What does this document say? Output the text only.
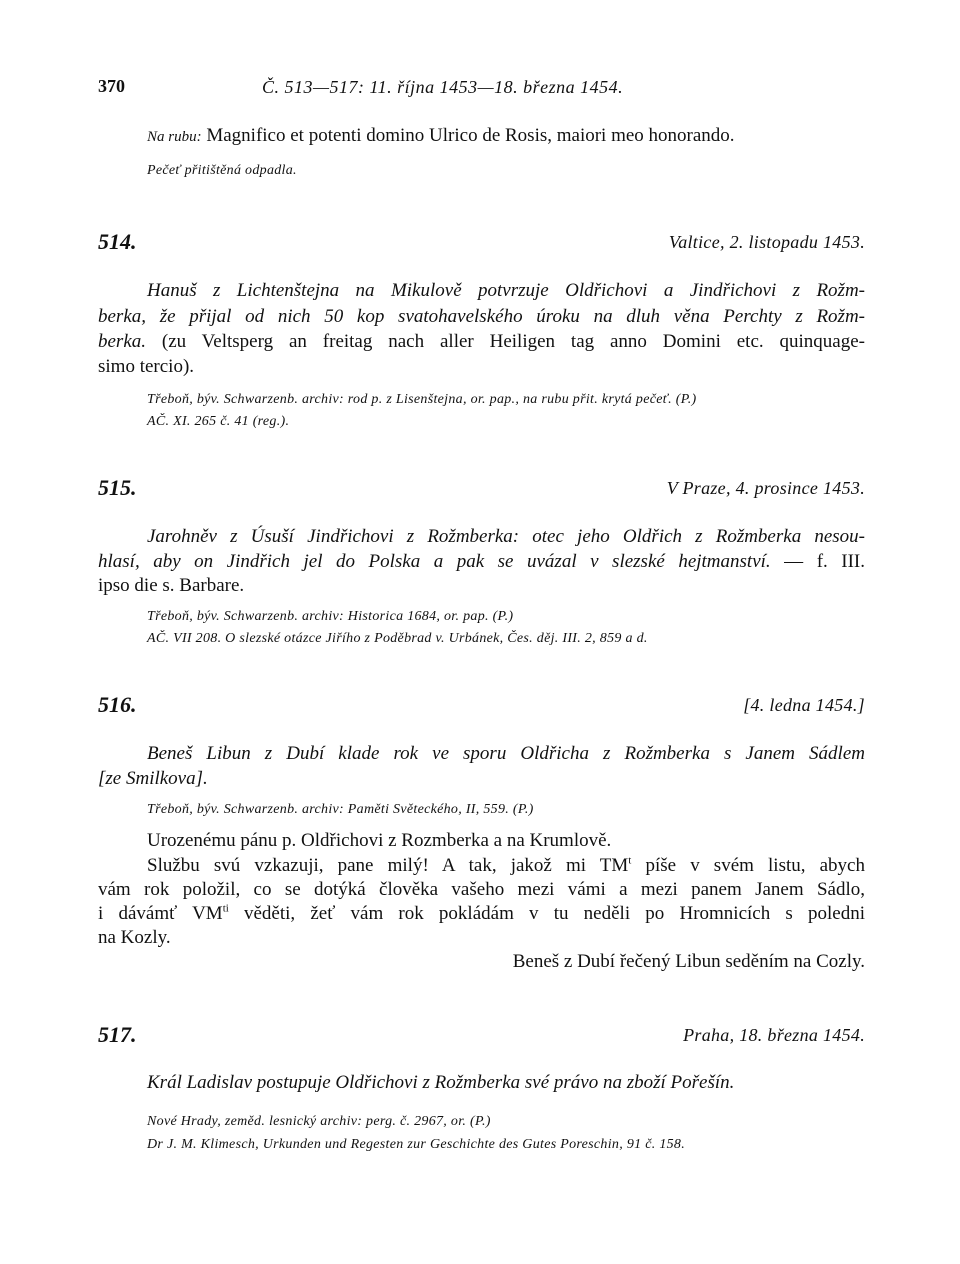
370	Č. 513—517: 11. října 1453—18. března 1454.
Na rubu: Magnifico et potenti domino Ulrico de Rosis, maiori meo honorando.
Pečeť přitištěná odpadla.
514.	Valtice, 2. listopadu 1453.
Hanuš z Lichtenštejna na Mikulově potvrzuje Oldřichovi a Jindřichovi z Rožm-
berka, že přijal od nich 50 kop svatohavelského úroku na dluh věna Perchty z Rožm-
berka. (zu Veltsperg an freitag nach aller Heiligen tag anno Domini etc. quinquage-
simo tercio).
Třeboň, býv. Schwarzenb. archiv: rod p. z Lisenštejna, or. pap., na rubu přit. krytá pečeť. (P.)
AČ. XI. 265 č. 41 (reg.).
515.	V Praze, 4. prosince 1453.
Jarohněv z Úsuší Jindřichovi z Rožmberka: otec jeho Oldřich z Rožmberka nesou-
hlasí, aby on Jindřich jel do Polska a pak se uvázal v slezské hejtmanství. — f. III.
ipso die s. Barbare.
Třeboň, býv. Schwarzenb. archiv: Historica 1684, or. pap. (P.)
AČ. VII 208. O slezské otázce Jiřího z Poděbrad v. Urbánek, Čes. děj. III. 2, 859 a d.
516.	[4. ledna 1454.]
Beneš Libun z Dubí klade rok ve sporu Oldřicha z Rožmberka s Janem Sádlem
[ze Smilkova].
Třeboň, býv. Schwarzenb. archiv: Paměti Světeckého, II, 559. (P.)
Urozenému pánu p. Oldřichovi z Rozmberka a na Krumlově.
Službu svú vzkazuji, pane milý! A tak, jakož mi $TM^t$ píše v svém listu, abych
vám rok položil, co se dotýká člověka vašeho mezi vámi a mezi panem Janem Sádlo,
i dávámť $VM^{ti}$ věděti, žeť vám rok pokládám v tu neděli po Hromnicích s poledni
na Kozly.
Beneš z Dubí řečený Libun seděním na Cozly.
517.	Praha, 18. března 1454.
Král Ladislav postupuje Oldřichovi z Rožmberka své právo na zboží Pořešín.
Nové Hrady, zeměd. lesnický archiv: perg. č. 2967, or. (P.)
Dr J. M. Klimesch, Urkunden und Regesten zur Geschichte des Gutes Poreschin, 91 č. 158.
